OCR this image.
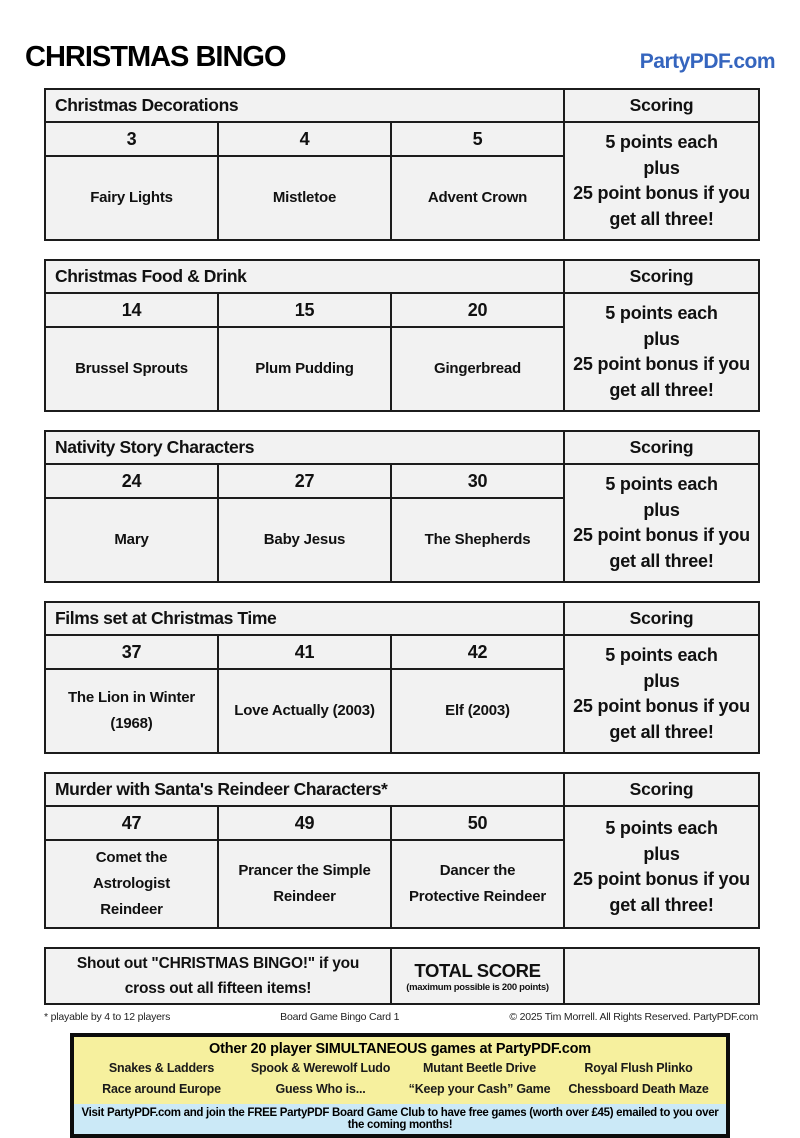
CHRISTMAS BINGO	PartyPDF.com
Christmas Decorations			Scoring
3	4	5	5 points each
plus
25 point bonus if you
get all three!

Fairy Lights	Mistletoe	Advent Crown	
Christmas Food & Drink			Scoring
14	15	20	5 points each
plus
25 point bonus if you
get all three!

Brussel Sprouts	Plum Pudding	Gingerbread	
Nativity Story Characters			Scoring
24	27	30	5 points each
plus
25 point bonus if you
get all three!

Mary	Baby Jesus	The Shepherds	
Films set at Christmas Time			Scoring
37	41	42	5 points each
plus
25 point bonus if you
get all three!

The Lion in Winter (1968)	Love Actually (2003)	Elf (2003)	
Murder with Santa's Reindeer Characters*			Scoring
47	49	50	5 points each
plus
25 point bonus if you
get all three!

Comet the Astrologist Reindeer	Prancer the Simple Reindeer	Dancer the Protective Reindeer	
Shout out "CHRISTMAS BINGO!" if you
cross out all fifteen items!

TOTAL SCORE
(maximum possible is 200 points)

* playable by 4 to 12 players	Board Game Bingo Card 1	© 2025 Tim Morrell. All Rights Reserved. PartyPDF.com
Other 20 player SIMULTANEOUS games at PartyPDF.com
Snakes & Ladders	Spook & Werewolf Ludo	Mutant Beetle Drive	Royal Flush Plinko
Race around Europe	Guess Who is...	“Keep your Cash” Game	Chessboard Death Maze
Visit PartyPDF.com and join the FREE PartyPDF Board Game Club to have free games (worth over £45) emailed to you over the coming months!
